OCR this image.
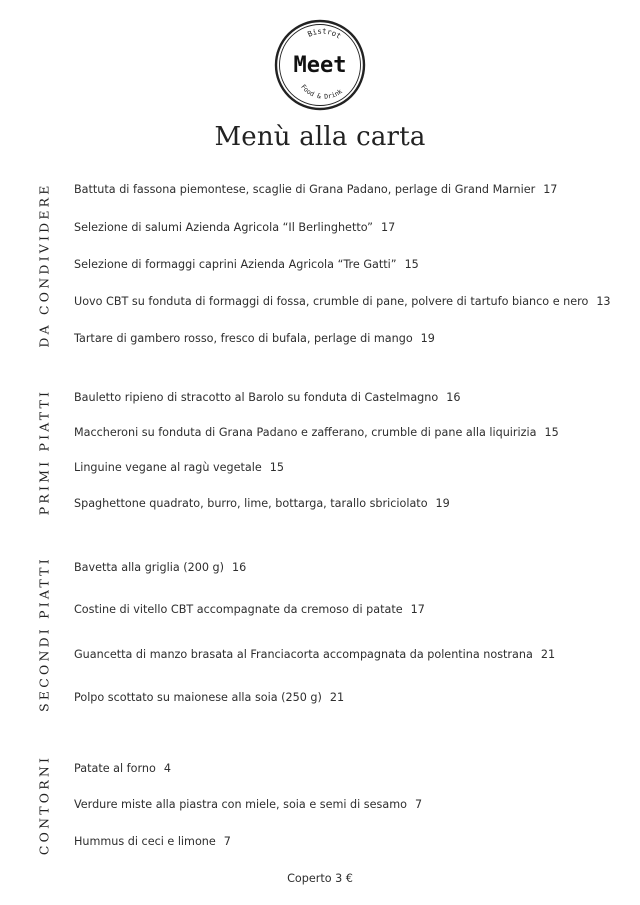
Bistrot
Meet
Food & Drink
Menù alla carta
DA CONDIVIDERE Battuta di fassona piemontese, scaglie di Grana Padano, perlage di Grand Marnier 17
Selezione di salumi Azienda Agricola “Il Berlinghetto” 17
Selezione di formaggi caprini Azienda Agricola “Tre Gatti” 15
Uovo CBT su fonduta di formaggi di fossa, crumble di pane, polvere di tartufo bianco e nero 13
Tartare di gambero rosso, fresco di bufala, perlage di mango 19
PRIMI PIATTI Bauletto ripieno di stracotto al Barolo su fonduta di Castelmagno 16
Maccheroni su fonduta di Grana Padano e zafferano, crumble di pane alla liquirizia 15
Linguine vegane al ragù vegetale 15
Spaghettone quadrato, burro, lime, bottarga, tarallo sbriciolato 19
SECONDI PIATTI Bavetta alla griglia (200 g) 16
Costine di vitello CBT accompagnate da cremoso di patate 17
Guancetta di manzo brasata al Franciacorta accompagnata da polentina nostrana 21
Polpo scottato su maionese alla soia (250 g) 21
CONTORNI Patate al forno 4
Verdure miste alla piastra con miele, soia e semi di sesamo 7
Hummus di ceci e limone 7
Coperto 3 €
